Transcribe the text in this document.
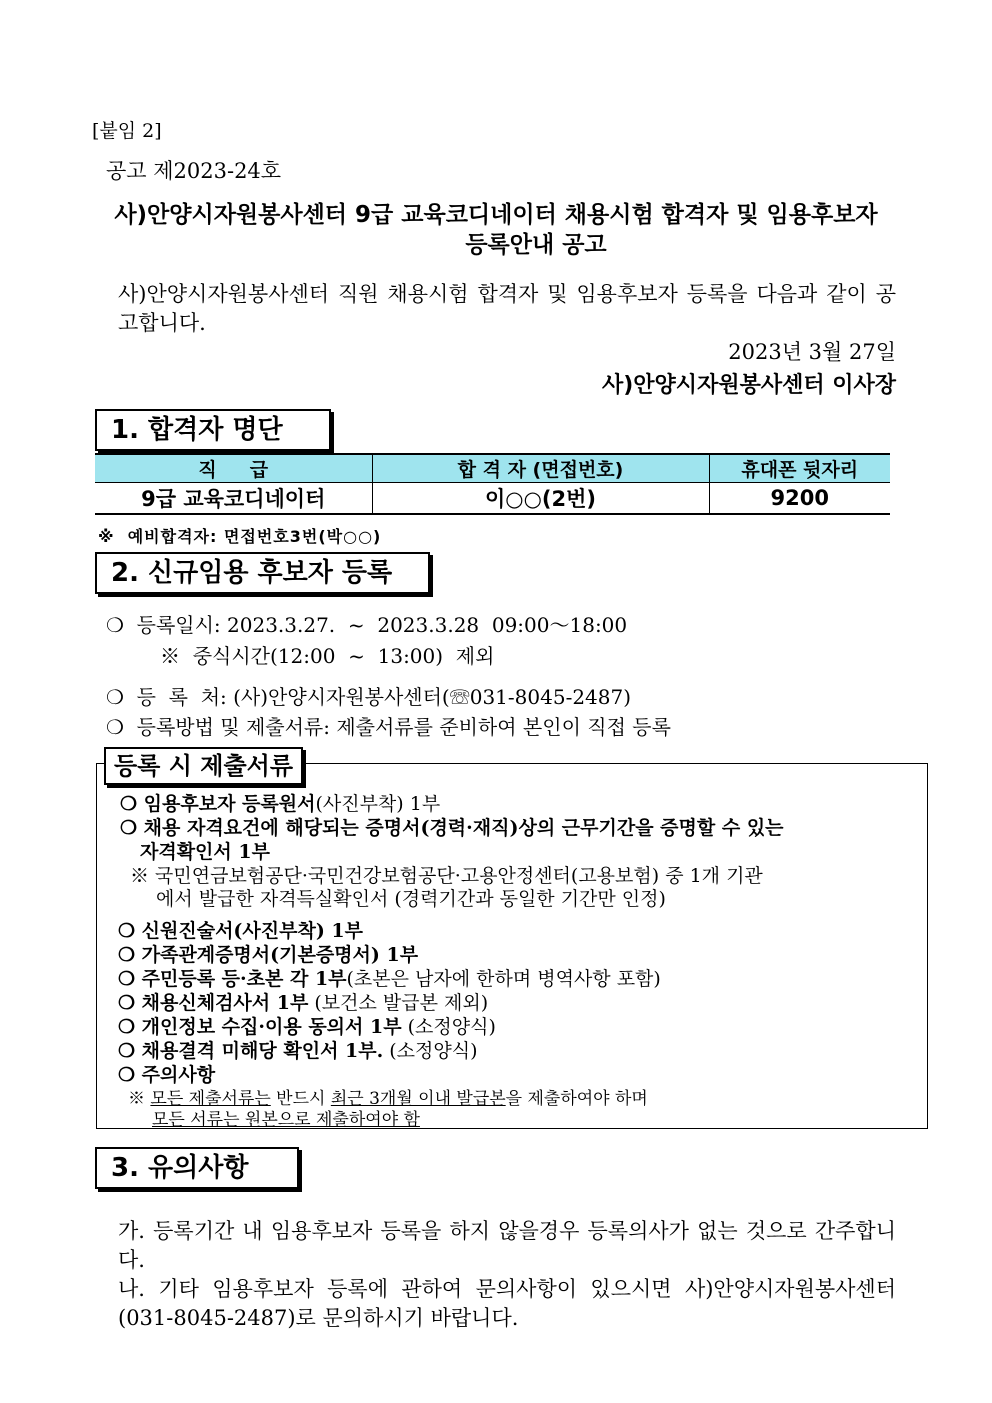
[붙임 2]
공고 제2023-24호
사)안양시자원봉사센터 9급 교육코디네이터 채용시험 합격자 및 임용후보자
등록안내 공고
사)안양시자원봉사센터 직원 채용시험 합격자 및 임용후보자 등록을 다음과 같이 공고합니다.
2023년 3월 27일
사)안양시자원봉사센터 이사장
1. 합격자 명단
직     급	합 격 자 (면접번호)	휴대폰 뒷자리
9급 교육코디네이터	이○○(2번)	9200
※  예비합격자: 면접번호3번(박○○)
2. 신규임용 후보자 등록
❍  등록일시: 2023.3.27.  ~  2023.3.28  09:00～18:00
※  중식시간(12:00  ~  13:00)  제외
❍  등  록  처: (사)안양시자원봉사센터(☏031-8045-2487)
❍  등록방법 및 제출서류: 제출서류를 준비하여 본인이 직접 등록
등록 시 제출서류
❍ 임용후보자 등록원서(사진부착) 1부
❍ 채용 자격요건에 해당되는 증명서(경력·재직)상의 근무기간을 증명할 수 있는
자격확인서 1부
※ 국민연금보험공단·국민건강보험공단·고용안정센터(고용보험) 중 1개 기관
에서 발급한 자격득실확인서 (경력기간과 동일한 기간만 인정)
❍ 신원진술서(사진부착) 1부
❍ 가족관계증명서(기본증명서) 1부
❍ 주민등록 등·초본 각 1부(초본은 남자에 한하며 병역사항 포함)
❍ 채용신체검사서 1부 (보건소 발급본 제외)
❍ 개인정보 수집·이용 동의서 1부 (소정양식)
❍ 채용결격 미해당 확인서 1부. (소정양식)
❍ 주의사항
※ 모든 제출서류는 반드시 최근 3개월 이내 발급본을 제출하여야 하며
모든 서류는 원본으로 제출하여야 함
3. 유의사항
가. 등록기간 내 임용후보자 등록을 하지 않을경우 등록의사가 없는 것으로 간주합니다.
나. 기타 임용후보자 등록에 관하여 문의사항이 있으시면 사)안양시자원봉사센터(031-8045-2487)로 문의하시기 바랍니다.
